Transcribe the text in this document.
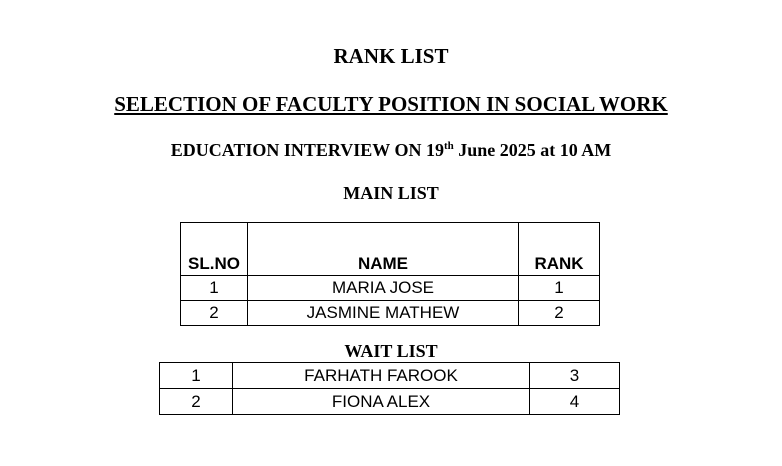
RANK LIST
SELECTION OF FACULTY POSITION IN SOCIAL WORK
EDUCATION INTERVIEW ON 19th June 2025 at 10 AM
MAIN LIST
SL.NO	NAME	RANK
1	MARIA JOSE	1
2	JASMINE MATHEW	2
WAIT LIST
1	FARHATH FAROOK	3
2	FIONA ALEX	4
